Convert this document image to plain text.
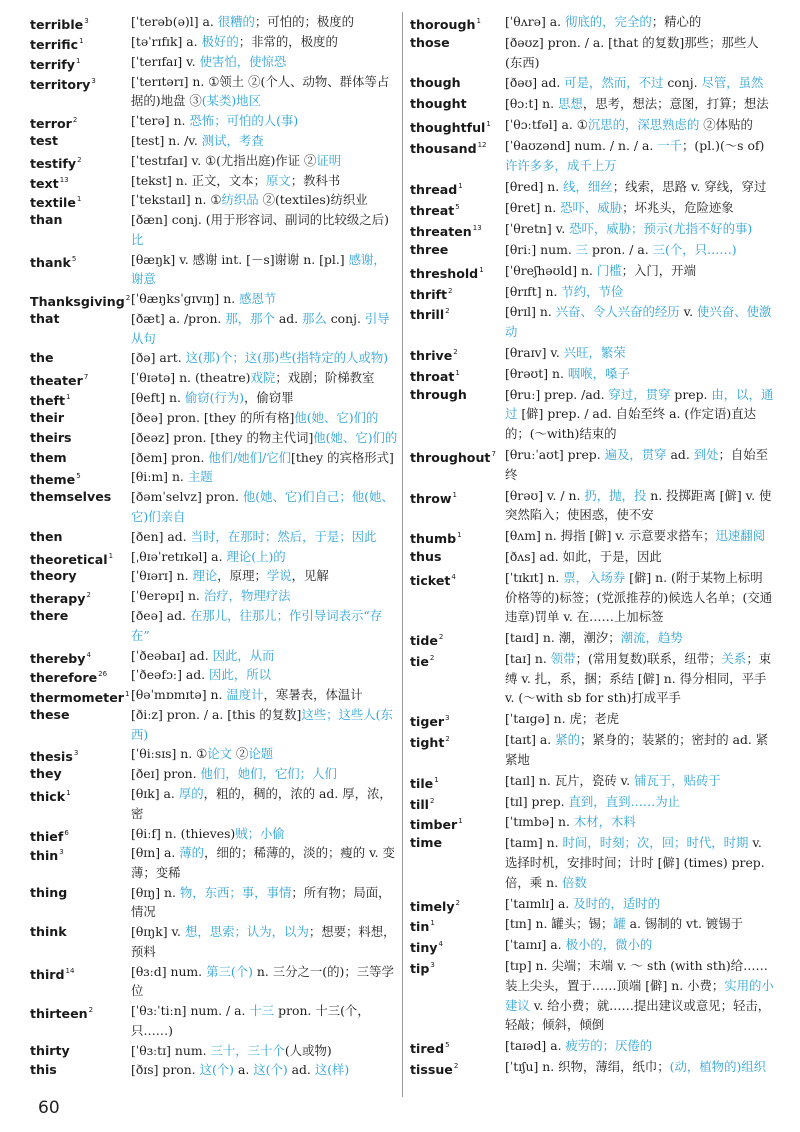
terrible$^3$	[ˈterəb(ə)l] a. 很糟的；可怕的；极度的
terrific$^1$	[təˈrɪfɪk] a. 极好的；非常的，极度的
terrify$^1$	[ˈterɪfaɪ] v. 使害怕，使惊恐
territory$^3$	[ˈterɪtərɪ] n. ①领土 ②(个人、动物、群体等占据的)地盘 ③(某类)地区
terror$^2$	[ˈterə] n. 恐怖；可怕的人(事)
test	[test] n. /v. 测试，考查
testify$^2$	[ˈtestɪfaɪ] v. ①(尤指出庭)作证 ②证明
text$^{13}$	[tekst] n. 正文，文本；原文；教科书
textile$^1$	[ˈtekstaɪl] n. ①纺织品 ②(textiles)纺织业
than	[ðæn] conj. (用于形容词、副词的比较级之后)比
thank$^5$	[θæŋk] v. 感谢 int. [－s]谢谢 n. [pl.] 感谢，谢意
Thanksgiving$^2$ [ˈθæŋksˈgɪvɪŋ] n. 感恩节
that	[ðæt] a. /pron. 那，那个 ad. 那么 conj. 引导从句
the	[ðə] art. 这(那)个；这(那)些(指特定的人或物)
theater$^7$	[ˈθɪətə] n. (theatre)戏院；戏剧；阶梯教室
theft$^1$	[θeft] n. 偷窃(行为)，偷窃罪
their	[ðeə] pron. [they 的所有格]他(她、它)们的
theirs	[ðeəz] pron. [they 的物主代词]他(她、它)们的
them	[ðem] pron. 他们/她们/它们[they 的宾格形式]
theme$^5$	[θiːm] n. 主题
themselves [ðəmˈselvz] pron. 他(她、它)们自己；他(她、它)们亲自
then	[ðen] ad. 当时，在那时；然后，于是；因此
theoretical$^1$ [ˌθɪəˈretɪkəl] a. 理论(上)的
theory	[ˈθɪərɪ] n. 理论，原理；学说，见解
therapy$^2$	[ˈθerəpɪ] n. 治疗，物理疗法
there	[ðeə] ad. 在那儿，往那儿；作引导词表示“存在”
thereby$^4$	[ˈðeəbaɪ] ad. 因此，从而
therefore$^{26}$ [ˈðeəfɔː] ad. 因此，所以
thermometer$^1$ [θəˈmɒmɪtə] n. 温度计，寒暑表，体温计
these	[ðiːz] pron. / a. [this 的复数]这些；这些人(东西)
thesis$^3$	[ˈθiːsɪs] n. ①论文 ②论题
they	[ðeɪ] pron. 他们，她们，它们；人们
thick$^1$	[θɪk] a. 厚的，粗的，稠的，浓的 ad. 厚，浓，密
thief$^6$	[θiːf] n. (thieves)贼；小偷
thin$^3$	[θɪn] a. 薄的，细的；稀薄的，淡的；瘦的 v. 变薄；变稀
thing	[θɪŋ] n. 物，东西；事，事情；所有物；局面，情况
think	[θɪŋk] v. 想，思索；认为，以为；想要；料想，预料
third$^{14}$	[θɜːd] num. 第三(个) n. 三分之一(的)；三等学位
thirteen$^2$	[ˈθɜːˈtiːn] num. / a. 十三 pron. 十三(个，只……)
thirty	[ˈθɜːtɪ] num. 三十，三十个(人或物)
this	[ðɪs] pron. 这(个) a. 这(个) ad. 这(样)
thorough$^1$ [ˈθʌrə] a. 彻底的，完全的；精心的
those	[ðəʊz] pron. / a. [that 的复数]那些；那些人(东西)
though	[ðəʊ] ad. 可是，然而，不过 conj. 尽管，虽然
thought	[θɔːt] n. 思想，思考，想法；意图，打算；想法
thoughtful$^1$ [ˈθɔːtfəl] a. ①沉思的，深思熟虑的 ②体贴的
thousand$^{12}$ [ˈθaʊzənd] num. / n. / a. 一千；(pl.)(～s of)许许多多，成千上万
thread$^1$	[θred] n. 线，细丝；线索，思路 v. 穿线，穿过
threat$^5$	[θret] n. 恐吓，威胁；坏兆头，危险迹象
threaten$^{13}$ [ˈθretn] v. 恐吓，威胁；预示(尤指不好的事)
three	[θriː] num. 三 pron. / a. 三(个，只……)
threshold$^1$ [ˈθreʃhəʊld] n. 门槛；入门，开端
thrift$^2$	[θrɪft] n. 节约，节俭
thrill$^2$	[θrɪl] n. 兴奋、令人兴奋的经历 v. 使兴奋、使激动
thrive$^2$	[θraɪv] v. 兴旺，繁荣
throat$^1$	[θrəʊt] n. 咽喉，嗓子
through	[θruː] prep. /ad. 穿过，贯穿 prep. 由，以，通过 [僻] prep. / ad. 自始至终 a. (作定语)直达的；(～with)结束的
throughout$^7$ [θruːˈaʊt] prep. 遍及，贯穿 ad. 到处；自始至终
throw$^1$	[θrəʊ] v. / n. 扔，抛，投 n. 投掷距离 [僻] v. 使突然陷入；使困惑，使不安
thumb$^1$	[θʌm] n. 拇指 [僻] v. 示意要求搭车；迅速翻阅
thus	[ðʌs] ad. 如此，于是，因此
ticket$^4$	[ˈtɪkɪt] n. 票，入场券 [僻] n. (附于某物上标明价格等的)标签；(党派推荐的)候选人名单；(交通违章)罚单 v. 在……上加标签
tide$^2$	[taɪd] n. 潮，潮汐；潮流，趋势
tie$^2$	[taɪ] n. 领带；(常用复数)联系，纽带；关系；束缚 v. 扎，系，捆；系结 [僻] n. 得分相同，平手 v. (～with sb for sth)打成平手
tiger$^3$	[ˈtaɪgə] n. 虎；老虎
tight$^2$	[taɪt] a. 紧的；紧身的；装紧的；密封的 ad. 紧紧地
tile$^1$	[taɪl] n. 瓦片，瓷砖 v. 铺瓦于，贴砖于
till$^2$	[tɪl] prep. 直到，直到……为止
timber$^1$	[ˈtɪmbə] n. 木材，木料
time	[taɪm] n. 时间，时刻；次，回；时代，时期 v. 选择时机，安排时间；计时 [僻] (times) prep. 倍，乘 n. 倍数
timely$^2$	[ˈtaɪmlɪ] a. 及时的，适时的
tin$^1$	[tɪn] n. 罐头；锡；罐 a. 锡制的 vt. 镀锡于
tiny$^4$	[ˈtaɪnɪ] a. 极小的，微小的
tip$^3$	[tɪp] n. 尖端；末端 v. ～ sth (with sth)给……装上尖头，置于……顶端 [僻] n. 小费；实用的小建议 v. 给小费；就……提出建议或意见；轻击，轻敲；倾斜，倾倒
tired$^5$	[taɪəd] a. 疲劳的；厌倦的
tissue$^2$	[ˈtɪʃu] n. 织物，薄绢，纸巾；(动，植物的)组织
60
